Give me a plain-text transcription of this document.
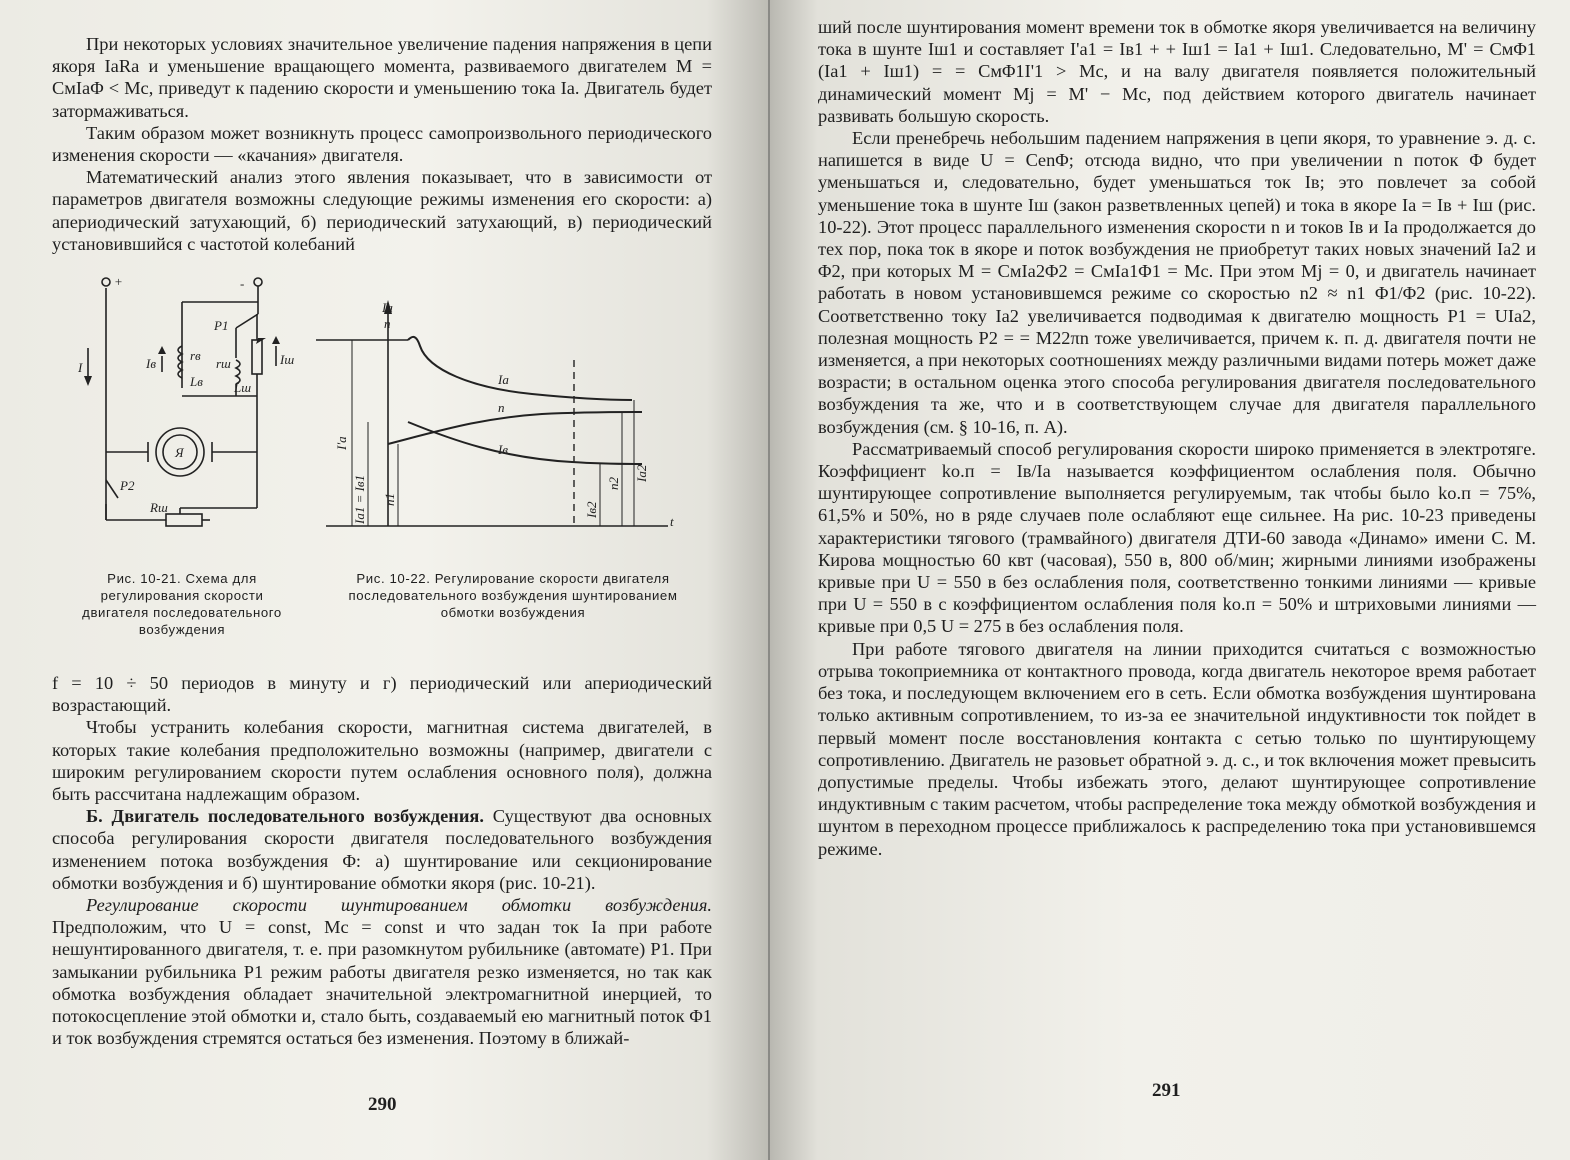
При некоторых условиях значительное увеличение падения напряжения в цепи якоря IaRa и уменьшение вращающего момента, развиваемого двигателем M = CмIaΦ < Mс, приведут к падению скорости и уменьшению тока Ia. Двигатель будет затормаживаться.

Таким образом может возникнуть процесс самопроизвольного периодического изменения скорости — «качания» двигателя.

Математический анализ этого явления показывает, что в зависимости от параметров двигателя возможны следующие режимы изменения его скорости: а) апериодический затухающий, б) периодический затухающий, в) периодический установившийся с частотой колебаний

+	-
I	Iв
rв
Lв
rш
Lш
Iш
P1
P2
Я
Rш
Ia
n
Ia
n
Iв
t
I'a
Ia1 = Iв1 n1
Iв2
n2
Ia2
Рис. 10-21. Схема для регулирования скорости двигателя последовательного возбуждения
Рис. 10-22. Регулирование скорости двигателя последовательного возбуждения шунтированием обмотки возбуждения

f = 10 ÷ 50 периодов в минуту и г) периодический или апериодический возрастающий.

Чтобы устранить колебания скорости, магнитная система двигателей, в которых такие колебания предположительно возможны (например, двигатели с широким регулированием скорости путем ослабления основного поля), должна быть рассчитана надлежащим образом.

Б. Двигатель последовательного возбуждения. Существуют два основных способа регулирования скорости двигателя последовательного возбуждения изменением потока возбуждения Φ: а) шунтирование или секционирование обмотки возбуждения и б) шунтирование обмотки якоря (рис. 10-21).

Регулирование скорости шунтированием обмотки возбуждения. Предположим, что U = const, Mс = const и что задан ток Ia при работе нешунтированного двигателя, т. е. при разомкнутом рубильнике (автомате) P1. При замыкании рубильника P1 режим работы двигателя резко изменяется, но так как обмотка возбуждения обладает значительной электромагнитной инерцией, то потокосцепление этой обмотки и, стало быть, создаваемый ею магнитный поток Φ1 и ток возбуждения стремятся остаться без изменения. Поэтому в ближай-

290

ший после шунтирования момент времени ток в обмотке якоря увеличивается на величину тока в шунте Iш1 и составляет I'a1 = Iв1 + + Iш1 = Ia1 + Iш1. Следовательно, M' = CмΦ1 (Ia1 + Iш1) = = CмΦ1I'1 > Mс, и на валу двигателя появляется положительный динамический момент Mj = M' − Mс, под действием которого двигатель начинает развивать большую скорость.

Если пренебречь небольшим падением напряжения в цепи якоря, то уравнение э. д. с. напишется в виде U = CеnΦ; отсюда видно, что при увеличении n поток Φ будет уменьшаться и, следовательно, будет уменьшаться ток Iв; это повлечет за собой уменьшение тока в шунте Iш (закон разветвленных цепей) и тока в якоре Ia = Iв + Iш (рис. 10-22). Этот процесс параллельного изменения скорости n и токов Iв и Ia продолжается до тех пор, пока ток в якоре и поток возбуждения не приобретут таких новых значений Ia2 и Φ2, при которых M = CмIa2Φ2 = CмIa1Φ1 = Mс. При этом Mj = 0, и двигатель начинает работать в новом установившемся режиме со скоростью n2 ≈ n1 Φ1/Φ2 (рис. 10-22). Соответственно току Ia2 увеличивается подводимая к двигателю мощность P1 = UIa2, полезная мощность P2 = = M22πn тоже увеличивается, причем к. п. д. двигателя почти не изменяется, а при некоторых соотношениях между различными видами потерь может даже возрасти; в остальном оценка этого способа регулирования двигателя последовательного возбуждения та же, что и в соответствующем случае для двигателя параллельного возбуждения (см. § 10-16, п. А).

Рассматриваемый способ регулирования скорости широко применяется в электротяге. Коэффициент kо.п = Iв/Ia называется коэффициентом ослабления поля. Обычно шунтирующее сопротивление выполняется регулируемым, так чтобы было kо.п = 75%, 61,5% и 50%, но в ряде случаев поле ослабляют еще сильнее. На рис. 10-23 приведены характеристики тягового (трамвайного) двигателя ДТИ-60 завода «Динамо» имени С. М. Кирова мощностью 60 квт (часовая), 550 в, 800 об/мин; жирными линиями изображены кривые при U = 550 в без ослабления поля, соответственно тонкими линиями — кривые при U = 550 в с коэффициентом ослабления поля kо.п = 50% и штриховыми линиями — кривые при 0,5 U = 275 в без ослабления поля.

При работе тягового двигателя на линии приходится считаться с возможностью отрыва токоприемника от контактного провода, когда двигатель некоторое время работает без тока, и последующем включением его в сеть. Если обмотка возбуждения шунтирована только активным сопротивлением, то из-за ее значительной индуктивности ток пойдет в первый момент после восстановления контакта с сетью только по шунтирующему сопротивлению. Двигатель не разовьет обратной э. д. с., и ток включения может превысить допустимые пределы. Чтобы избежать этого, делают шунтирующее сопротивление индуктивным с таким расчетом, чтобы распределение тока между обмоткой возбуждения и шунтом в переходном процессе приближалось к распределению тока при установившемся режиме.

291
